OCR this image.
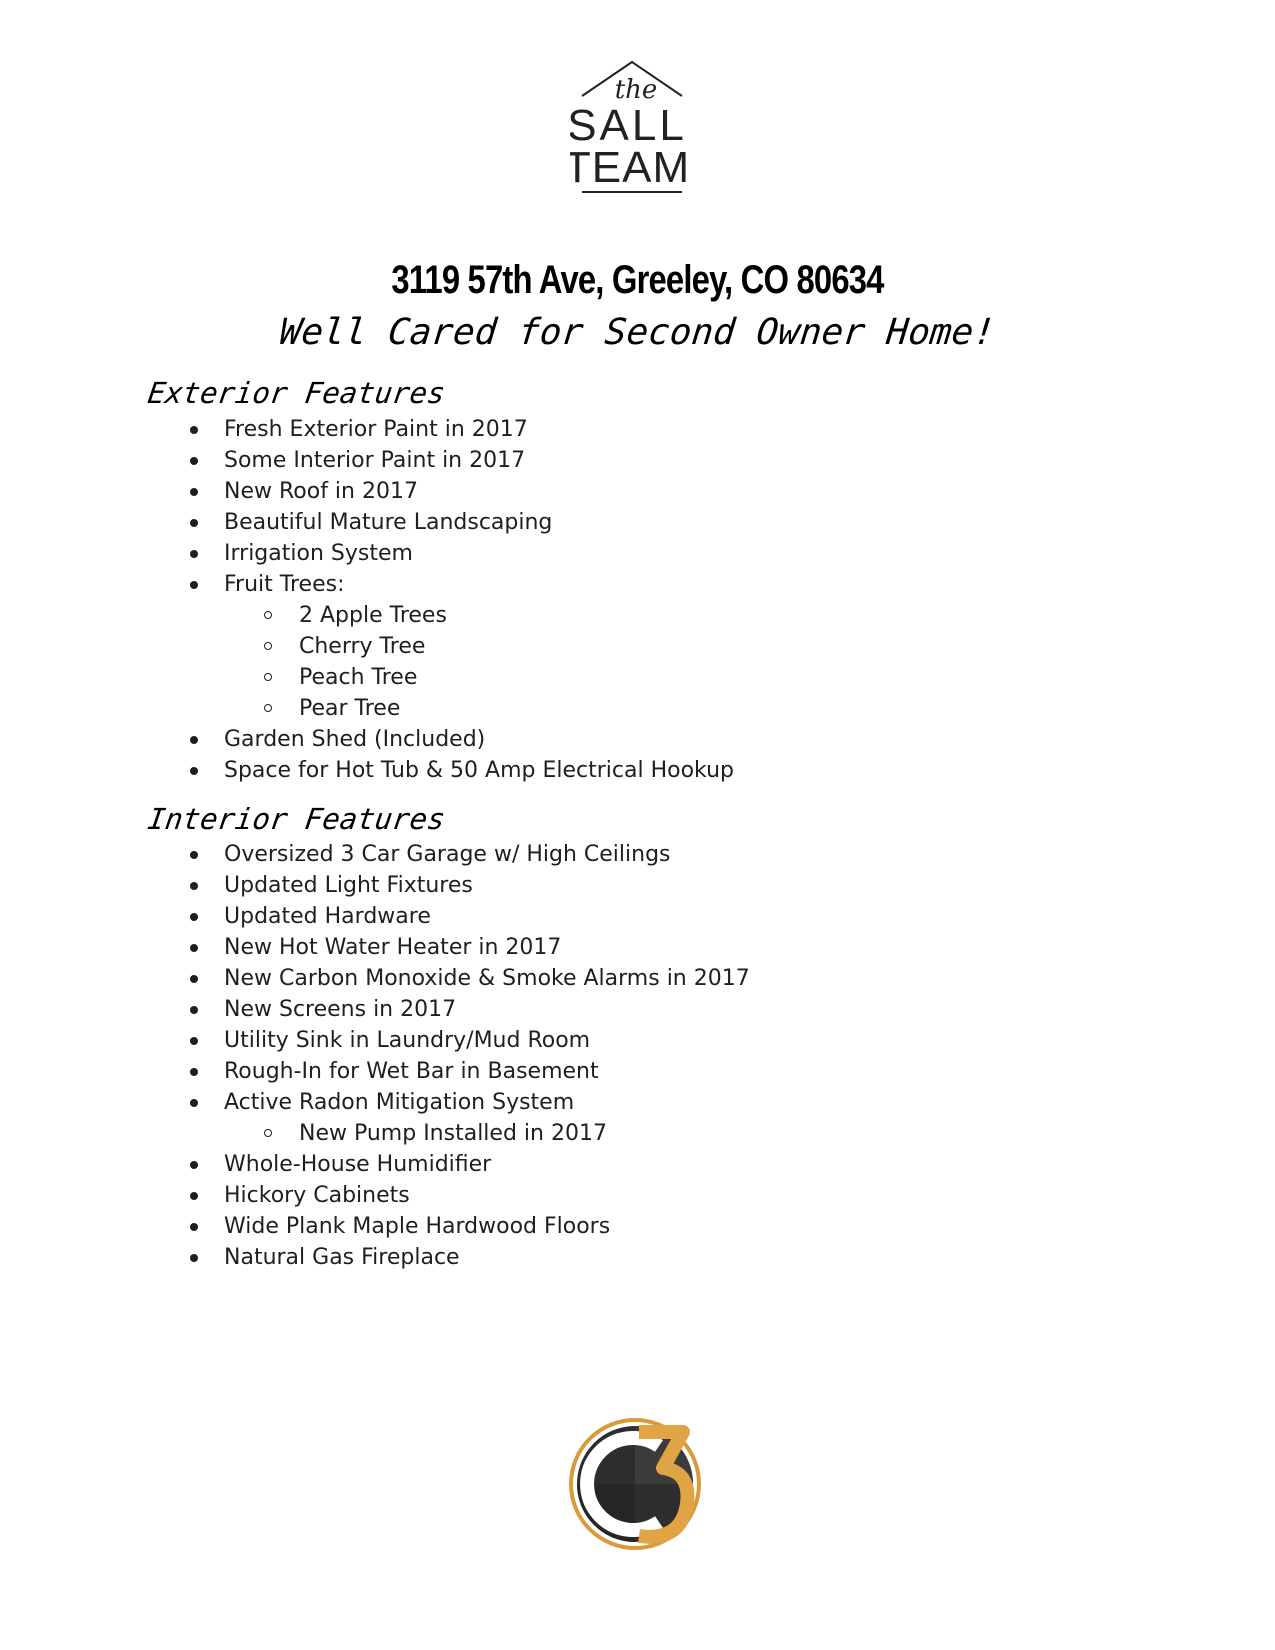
the
SALL
TEAM
3119 57th Ave, Greeley, CO 80634
Well Cared for Second Owner Home!
Exterior Features
Fresh Exterior Paint in 2017
Some Interior Paint in 2017
New Roof in 2017
Beautiful Mature Landscaping
Irrigation System
Fruit Trees:
2 Apple Trees
Cherry Tree
Peach Tree
Pear Tree
Garden Shed (Included)
Space for Hot Tub & 50 Amp Electrical Hookup
Interior Features
Oversized 3 Car Garage w/ High Ceilings
Updated Light Fixtures
Updated Hardware
New Hot Water Heater in 2017
New Carbon Monoxide & Smoke Alarms in 2017
New Screens in 2017
Utility Sink in Laundry/Mud Room
Rough-In for Wet Bar in Basement
Active Radon Mitigation System
New Pump Installed in 2017
Whole-House Humidifier
Hickory Cabinets
Wide Plank Maple Hardwood Floors
Natural Gas Fireplace
